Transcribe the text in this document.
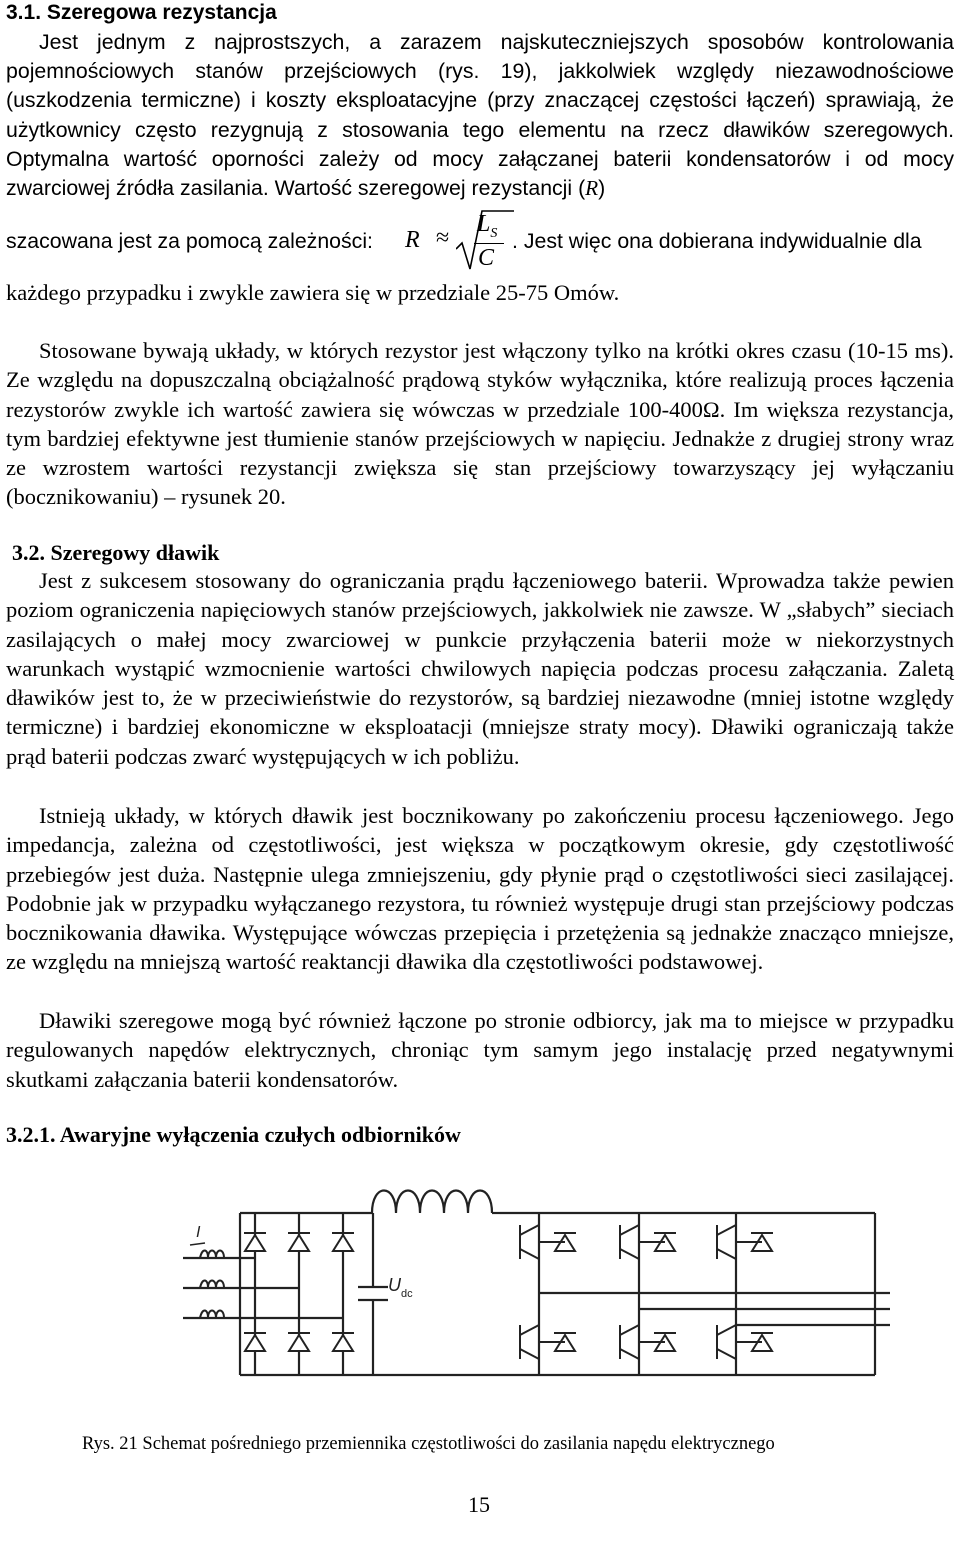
3.1. Szeregowa rezystancja

Jest jednym z najprostszych, a zarazem najskuteczniejszych sposobów kontrolowania pojemnościowych stanów przejściowych (rys. 19), jakkolwiek względy niezawodnościowe (uszkodzenia termiczne) i koszty eksploatacyjne (przy znaczącej częstości łączeń) sprawiają, że użytkownicy często rezygnują z stosowania tego elementu na rzecz dławików szeregowych. Optymalna wartość oporności zależy od mocy załączanej baterii kondensatorów i od mocy zwarciowej źródła zasilania. Wartość szeregowej rezystancji (R)

szacowana jest za pomocą zależności: R ≈
$L_S$
C
. Jest więc ona dobierana indywidualnie dla

każdego przypadku i zwykle zawiera się w przedziale 25-75 Omów.

Stosowane bywają układy, w których rezystor jest włączony tylko na krótki okres czasu (10-15 ms). Ze względu na dopuszczalną obciążalność prądową styków wyłącznika, które realizują proces łączenia rezystorów zwykle ich wartość zawiera się wówczas w przedziale 100-400Ω. Im większa rezystancja, tym bardziej efektywne jest tłumienie stanów przejściowych w napięciu. Jednakże z drugiej strony wraz ze wzrostem wartości rezystancji zwiększa się stan przejściowy towarzyszący jej wyłączaniu (bocznikowaniu) – rysunek 20.

3.2. Szeregowy dławik

Jest z sukcesem stosowany do ograniczania prądu łączeniowego baterii. Wprowadza także pewien poziom ograniczenia napięciowych stanów przejściowych, jakkolwiek nie zawsze. W „słabych” sieciach zasilających o małej mocy zwarciowej w punkcie przyłączenia baterii może w niekorzystnych warunkach wystąpić wzmocnienie wartości chwilowych napięcia podczas procesu załączania. Zaletą dławików jest to, że w przeciwieństwie do rezystorów, są bardziej niezawodne (mniej istotne względy termiczne) i bardziej ekonomiczne w eksploatacji (mniejsze straty mocy). Dławiki ograniczają także prąd baterii podczas zwarć występujących w ich pobliżu.

Istnieją układy, w których dławik jest bocznikowany po zakończeniu procesu łączeniowego. Jego impedancja, zależna od częstotliwości, jest większa w początkowym okresie, gdy częstotliwość przebiegów jest duża. Następnie ulega zmniejszeniu, gdy płynie prąd o częstotliwości sieci zasilającej. Podobnie jak w przypadku wyłączanego rezystora, tu również występuje drugi stan przejściowy podczas bocznikowania dławika. Występujące wówczas przepięcia i przetężenia są jednakże znacząco mniejsze, ze względu na mniejszą wartość reaktancji dławika dla częstotliwości podstawowej.

Dławiki szeregowe mogą być również łączone po stronie odbiorcy, jak ma to miejsce w przypadku regulowanych napędów elektrycznych, chroniąc tym samym jego instalację przed negatywnymi skutkami załączania baterii kondensatorów.

3.2.1. Awaryjne wyłączenia czułych odbiorników
I
U dc
Rys. 21 Schemat pośredniego przemiennika częstotliwości do zasilania napędu elektrycznego
15
